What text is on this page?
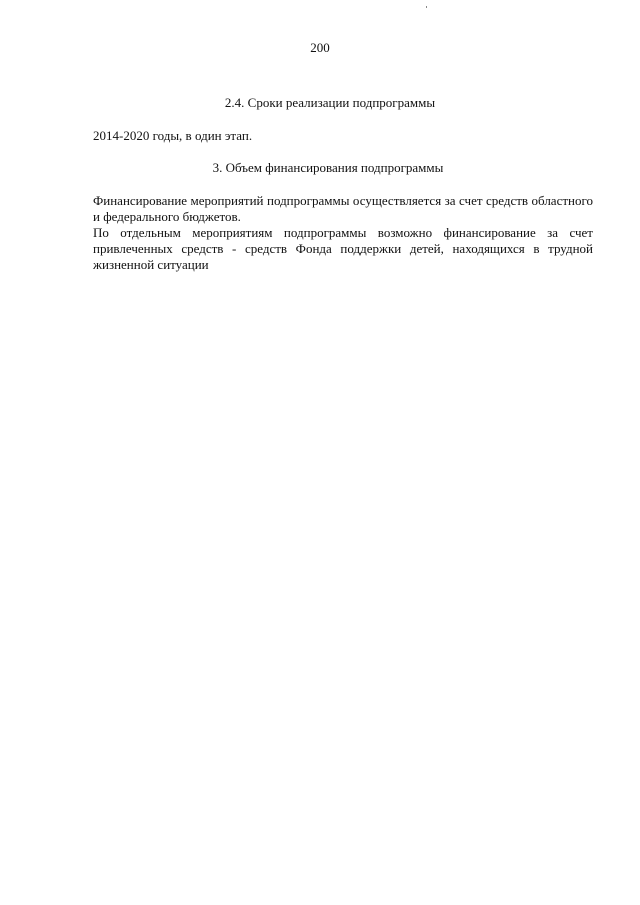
200
2.4. Сроки реализации подпрограммы
2014-2020 годы, в один этап.
3. Объем финансирования подпрограммы
Финансирование мероприятий подпрограммы осуществляется за счет средств областного и федерального бюджетов.
По отдельным мероприятиям подпрограммы возможно финансирование за счет привлеченных средств - средств Фонда поддержки детей, находящихся в трудной жизненной ситуации
